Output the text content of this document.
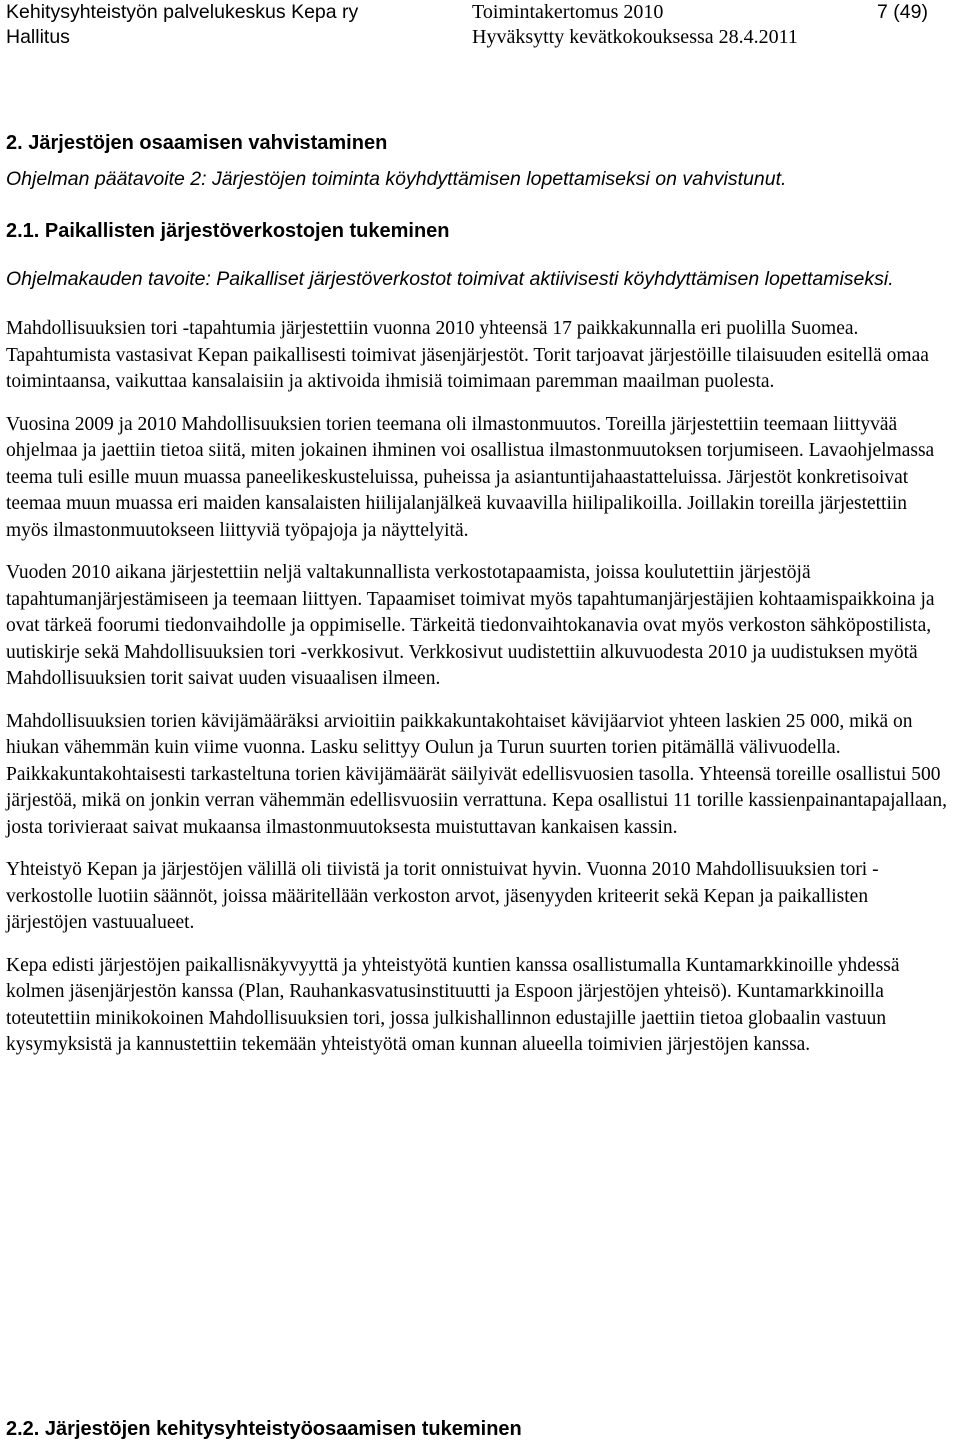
Kehitysyhteistyön palvelukeskus Kepa ry
Hallitus
Toimintakertomus 2010	7 (49)
Hyväksytty kevätkokouksessa 28.4.2011
2. Järjestöjen osaamisen vahvistaminen

Ohjelman päätavoite 2: Järjestöjen toiminta köyhdyttämisen lopettamiseksi on vahvistunut.

2.1. Paikallisten järjestöverkostojen tukeminen

Ohjelmakauden tavoite: Paikalliset järjestöverkostot toimivat aktiivisesti köyhdyttämisen lopettamiseksi.

Mahdollisuuksien tori -tapahtumia järjestettiin vuonna 2010 yhteensä 17 paikkakunnalla eri puolilla Suomea. Tapahtumista vastasivat Kepan paikallisesti toimivat jäsenjärjestöt. Torit tarjoavat järjestöille tilaisuuden esitellä omaa toimintaansa, vaikuttaa kansalaisiin ja aktivoida ihmisiä toimimaan paremman maailman puolesta.

Vuosina 2009 ja 2010 Mahdollisuuksien torien teemana oli ilmastonmuutos. Toreilla järjestettiin teemaan liittyvää ohjelmaa ja jaettiin tietoa siitä, miten jokainen ihminen voi osallistua ilmastonmuutoksen torjumiseen. Lavaohjelmassa teema tuli esille muun muassa paneelikeskusteluissa, puheissa ja asiantuntijahaastatteluissa. Järjestöt konkretisoivat teemaa muun muassa eri maiden kansalaisten hiilijalanjälkeä kuvaavilla hiilipalikoilla. Joillakin toreilla järjestettiin myös ilmastonmuutokseen liittyviä työpajoja ja näyttelyitä.

Vuoden 2010 aikana järjestettiin neljä valtakunnallista verkostotapaamista, joissa koulutettiin järjestöjä tapahtumanjärjestämiseen ja teemaan liittyen. Tapaamiset toimivat myös tapahtumanjärjestäjien kohtaamispaikkoina ja ovat tärkeä foorumi tiedonvaihdolle ja oppimiselle. Tärkeitä tiedonvaihtokanavia ovat myös verkoston sähköpostilista, uutiskirje sekä Mahdollisuuksien tori -verkkosivut. Verkkosivut uudistettiin alkuvuodesta 2010 ja uudistuksen myötä Mahdollisuuksien torit saivat uuden visuaalisen ilmeen.

Mahdollisuuksien torien kävijämääräksi arvioitiin paikkakuntakohtaiset kävijäarviot yhteen laskien 25 000, mikä on hiukan vähemmän kuin viime vuonna. Lasku selittyy Oulun ja Turun suurten torien pitämällä välivuodella. Paikkakuntakohtaisesti tarkasteltuna torien kävijämäärät säilyivät edellisvuosien tasolla. Yhteensä toreille osallistui 500 järjestöä, mikä on jonkin verran vähemmän edellisvuosiin verrattuna. Kepa osallistui 11 torille kassienpainantapajallaan, josta torivieraat saivat mukaansa ilmastonmuutoksesta muistuttavan kankaisen kassin.

Yhteistyö Kepan ja järjestöjen välillä oli tiivistä ja torit onnistuivat hyvin. Vuonna 2010 Mahdollisuuksien tori -verkostolle luotiin säännöt, joissa määritellään verkoston arvot, jäsenyyden kriteerit sekä Kepan ja paikallisten järjestöjen vastuualueet.

Kepa edisti järjestöjen paikallisnäkyvyyttä ja yhteistyötä kuntien kanssa osallistumalla Kuntamarkkinoille yhdessä kolmen jäsenjärjestön kanssa (Plan, Rauhankasvatusinstituutti ja Espoon järjestöjen yhteisö). Kuntamarkkinoilla toteutettiin minikokoinen Mahdollisuuksien tori, jossa julkishallinnon edustajille jaettiin tietoa globaalin vastuun kysymyksistä ja kannustettiin tekemään yhteistyötä oman kunnan alueella toimivien järjestöjen kanssa.

2.2. Järjestöjen kehitysyhteistyöosaamisen tukeminen
